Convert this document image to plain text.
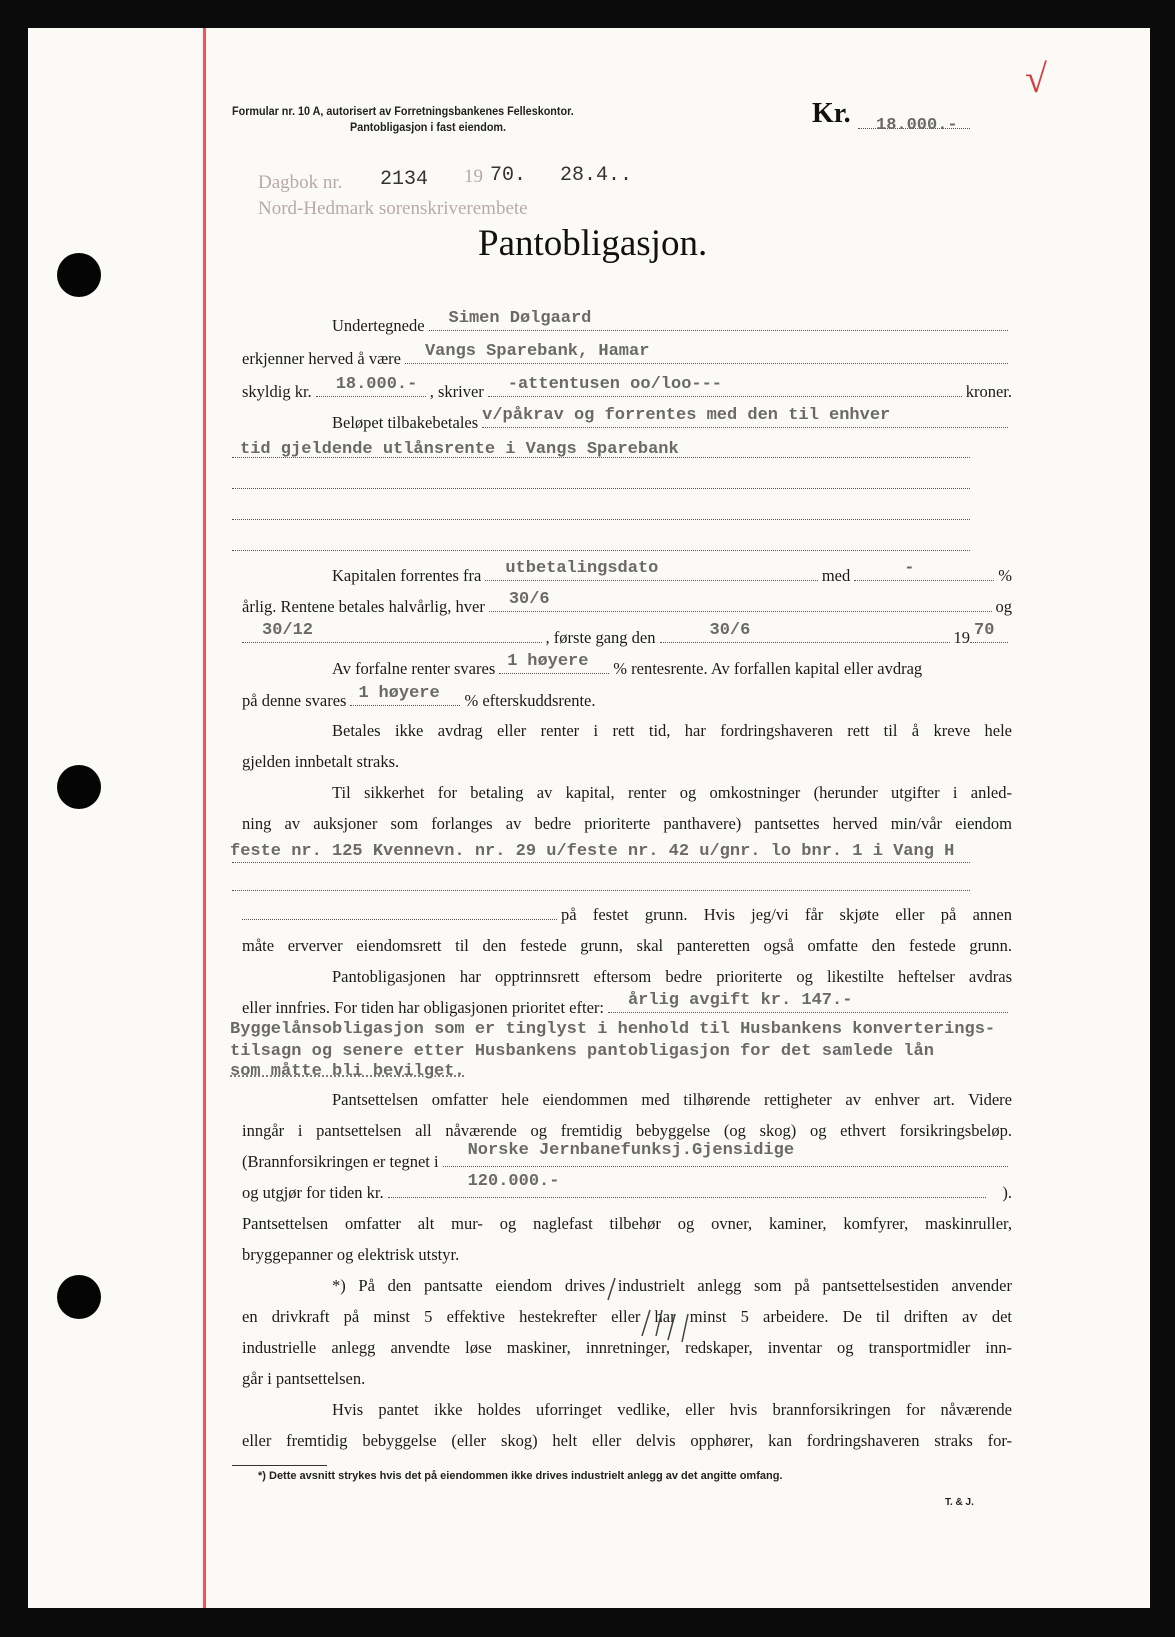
√
Formular nr. 10 A, autorisert av Forretningsbankenes Felleskontor.
Pantobligasjon i fast eiendom.	Kr. 18.000.-
Dagbok nr. 2134 19 70. 28.4..
Nord-Hedmark sorenskriverembete
Pantobligasjon.
Undertegnede Simen Dølgaard
erkjenner herved å være Vangs Sparebank, Hamar
skyldig kr. 18.000.- , skriver -attentusen oo/loo---	kroner.
Beløpet tilbakebetales v/påkrav og forrentes med den til enhver
tid gjeldende utlånsrente i Vangs Sparebank
Kapitalen forrentes fra utbetalingsdato	med	-	%
årlig. Rentene betales halvårlig, hver 30/6	og
30/12	, første gang den	30/6	19 70
Av forfalne renter svares 1 høyere % rentesrente. Av forfallen kapital eller avdrag
på denne svares 1 høyere % efterskuddsrente.
Betales ikke avdrag eller renter i rett tid, har fordringshaveren rett til å kreve hele
gjelden innbetalt straks.
Til sikkerhet for betaling av kapital, renter og omkostninger (herunder utgifter i anled-
ning av auksjoner som forlanges av bedre prioriterte panthavere) pantsettes herved min/vår eiendom
feste nr. 125 Kvennevn. nr. 29 u/feste nr. 42 u/gnr. lo bnr. 1 i Vang H
på festet grunn. Hvis jeg/vi får skjøte eller på annen
måte erverver eiendomsrett til den festede grunn, skal panteretten også omfatte den festede grunn.
Pantobligasjonen har opptrinnsrett eftersom bedre prioriterte og likestilte heftelser avdras
eller innfries. For tiden har obligasjonen prioritet efter: årlig avgift kr. 147.-
Byggelånsobligasjon som er tinglyst i henhold til Husbankens konverterings-
tilsagn og senere etter Husbankens pantobligasjon for det samlede lån
som måtte bli bevilget.
Pantsettelsen omfatter hele eiendommen med tilhørende rettigheter av enhver art. Videre
inngår i pantsettelsen all nåværende og fremtidig bebyggelse (og skog) og ethvert forsikringsbeløp.
(Brannforsikringen er tegnet i
Norske Jernbanefunksj.Gjensidige
og utgjør for tiden kr.
120.000.-
).
Pantsettelsen omfatter alt mur- og naglefast tilbehør og ovner, kaminer, komfyrer, maskinruller,
bryggepanner og elektrisk utstyr.
*) På den pantsatte eiendom drives industrielt anlegg som på pantsettelsestiden anvender
en drivkraft på minst 5 effektive hestekrefter eller har minst 5 arbeidere. De til driften av det
industrielle anlegg anvendte løse maskiner, innretninger, redskaper, inventar og transportmidler inn-
går i pantsettelsen.
Hvis pantet ikke holdes uforringet vedlike, eller hvis brannforsikringen for nåværende
eller fremtidig bebyggelse (eller skog) helt eller delvis opphører, kan fordringshaveren straks for-
*) Dette avsnitt strykes hvis det på eiendommen ikke drives industrielt anlegg av det angitte omfang.
T. & J.
